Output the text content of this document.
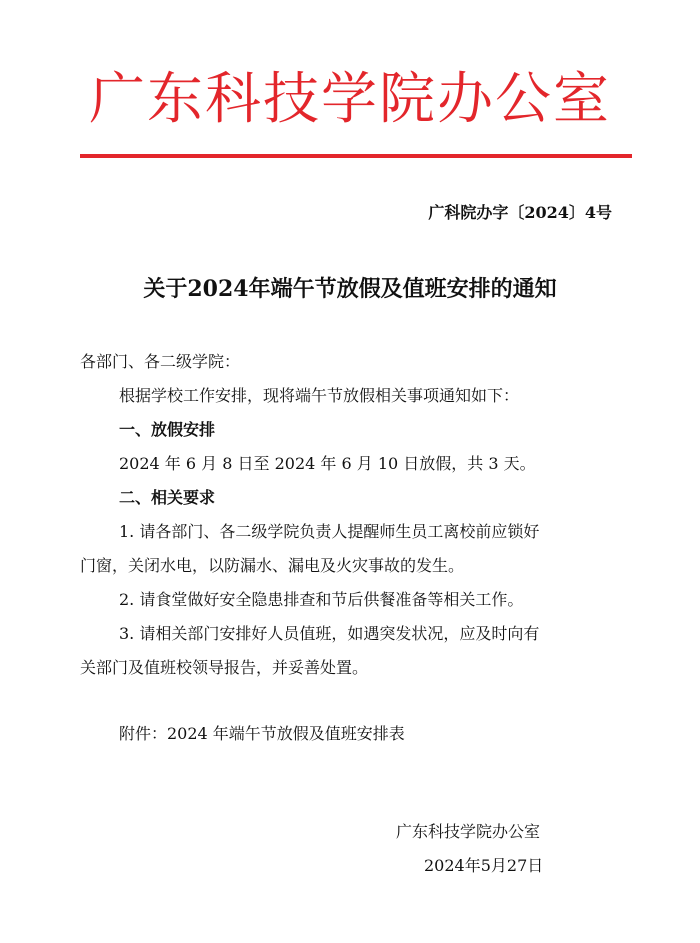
广东科技学院办公室
广科院办字〔2024〕4号
关于2024年端午节放假及值班安排的通知
各部门、各二级学院：
根据学校工作安排，现将端午节放假相关事项通知如下：
一、放假安排
2024 年 6 月 8 日至 2024 年 6 月 10 日放假，共 3 天。
二、相关要求
1. 请各部门、各二级学院负责人提醒师生员工离校前应锁好
门窗，关闭水电，以防漏水、漏电及火灾事故的发生。
2. 请食堂做好安全隐患排查和节后供餐准备等相关工作。
3. 请相关部门安排好人员值班，如遇突发状况，应及时向有
关部门及值班校领导报告，并妥善处置。
附件：2024 年端午节放假及值班安排表
广东科技学院办公室
2024年5月27日
